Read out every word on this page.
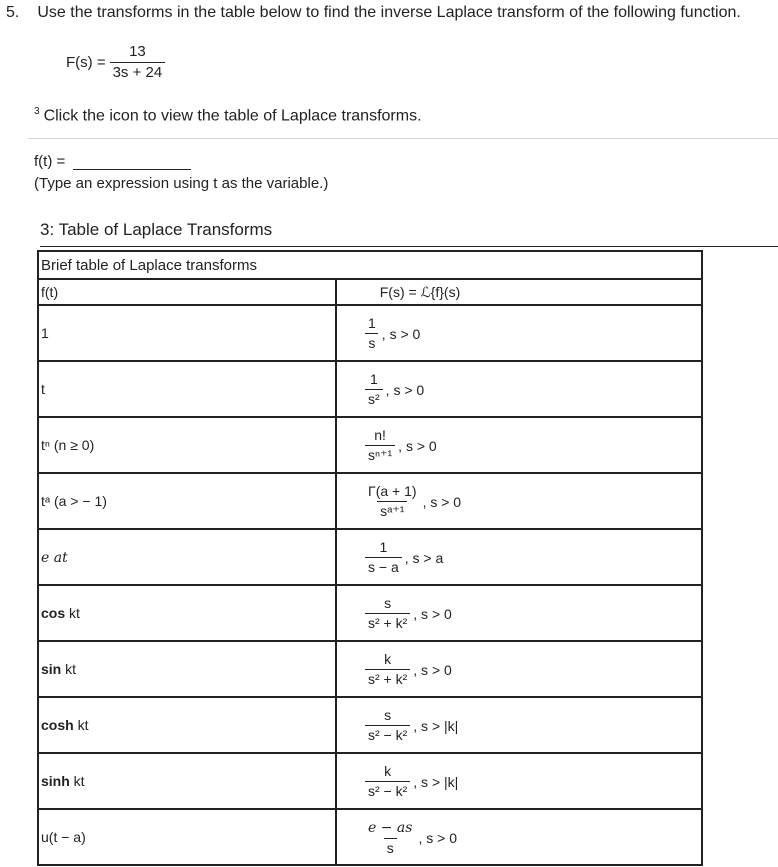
5. Use the transforms in the table below to find the inverse Laplace transform of the following function.
$F(s) = \frac{13}{3s + 24}$
$^3$ Click the icon to view the table of Laplace transforms.
f(t) =
(Type an expression using t as the variable.)
3: Table of Laplace Transforms
Brief table of Laplace transforms	
f(t)	F(s) = ℒ{f}(s)
1	$\frac{1}{s}$ , s > 0

t	$\frac{1}{\text{s²}}$ , s > 0

tⁿ (n ≥ 0)	$\frac{n!}{\text{sⁿ⁺¹}}$ , s > 0

tᵃ (a > − 1)	$\frac{\Gamma(a + 1)}{\text{sᵃ⁺¹}}$ , s > 0

e at	$\frac{1}{s - a}$ , s > a

cos kt	$\frac{s}{\text{s² + k²}}$ , s > 0

sin kt	$\frac{k}{\text{s² + k²}}$ , s > 0

cosh kt	$\frac{s}{\text{s² − k²}}$ , s > |k|

sinh kt	$\frac{k}{\text{s² − k²}}$ , s > |k|

u(t − a)	$\frac{e - as}{s}$ , s > 0
